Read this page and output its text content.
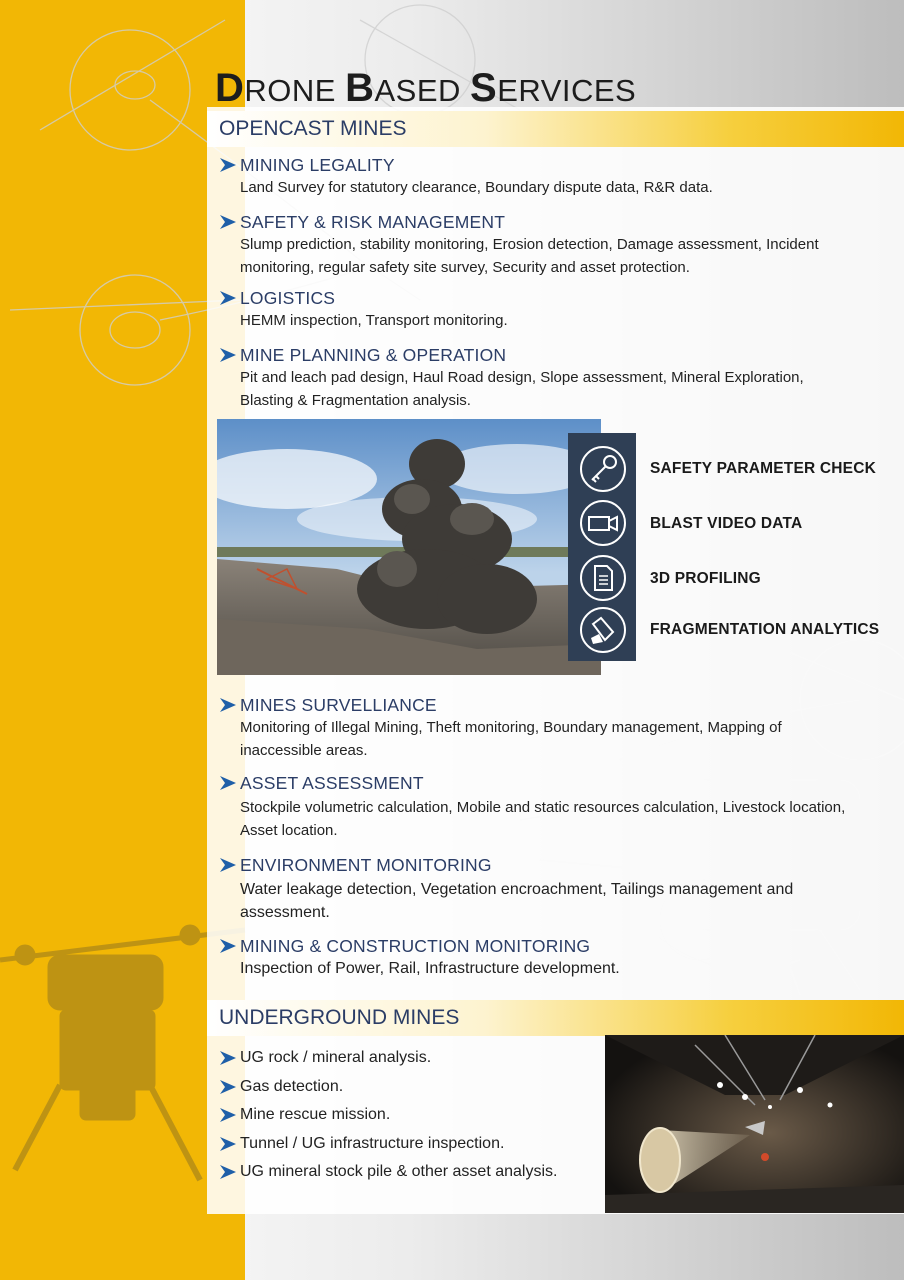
DRONE BASED SERVICES
OPENCAST MINES
MINING LEGALITY

Land Survey for statutory clearance, Boundary dispute data, R&R data.

SAFETY & RISK MANAGEMENT

Slump prediction, stability monitoring, Erosion detection, Damage assessment, Incident monitoring, regular safety site survey, Security and asset protection.

LOGISTICS

HEMM inspection, Transport monitoring.

MINE PLANNING & OPERATION

Pit and leach pad design, Haul Road design, Slope assessment, Mineral Exploration, Blasting & Fragmentation analysis.

SAFETY PARAMETER CHECK
BLAST VIDEO DATA
3D PROFILING
FRAGMENTATION ANALYTICS
MINES SURVELLIANCE

Monitoring of Illegal Mining, Theft monitoring, Boundary management, Mapping of inaccessible areas.

ASSET ASSESSMENT

Stockpile volumetric calculation, Mobile and static resources calculation, Livestock location, Asset location.

ENVIRONMENT MONITORING

Water leakage detection, Vegetation encroachment, Tailings management and assessment.

MINING & CONSTRUCTION MONITORING

Inspection of Power, Rail, Infrastructure development.

UNDERGROUND MINES
UG rock / mineral analysis.
Gas detection.
Mine rescue mission.
Tunnel / UG infrastructure inspection.
UG mineral stock pile & other asset analysis.
